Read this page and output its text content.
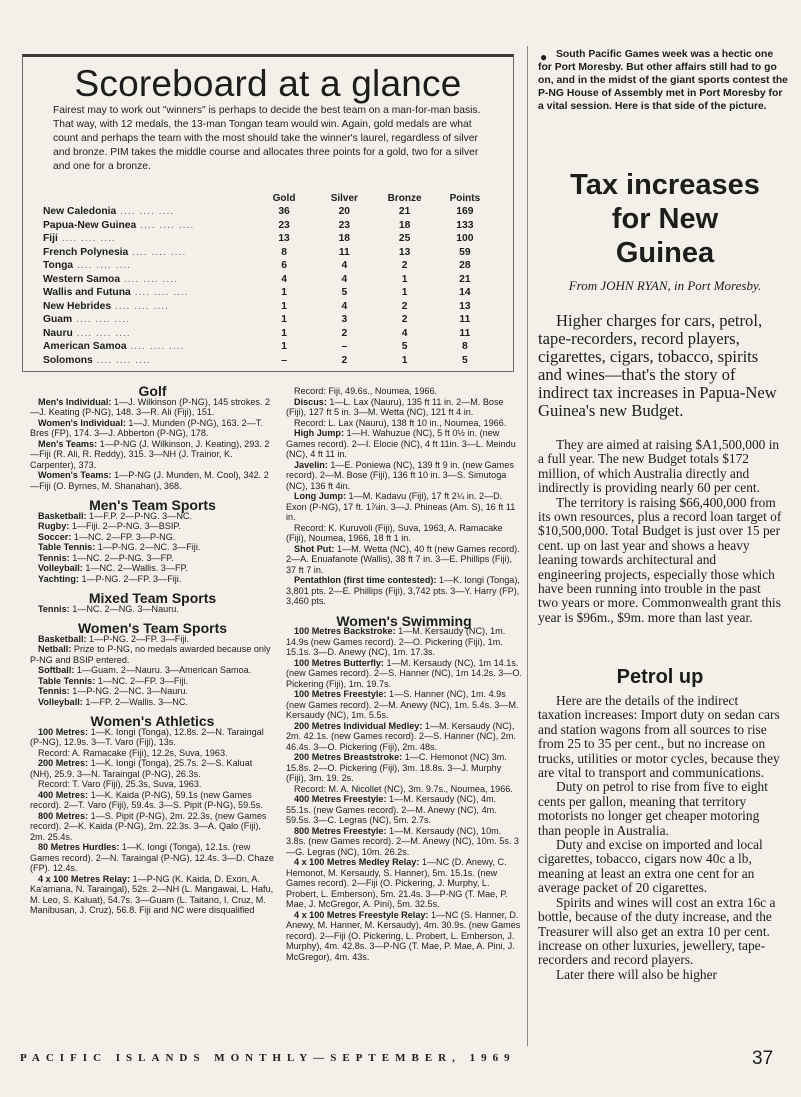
Scoreboard at a glance

Fairest may to work out "winners" is perhaps to decide the best team on a man-for-man basis. That way, with 12 medals, the 13-man Tongan team would win. Again, gold medals are what count and perhaps the team with the most should take the winner's laurel, regardless of silver and bronze. PIM takes the middle course and allocates three points for a gold, two for a silver and one for a bronze.

	Gold	Silver	Bronze	Points
New Caledonia .... .... ....	36	20	21	169
Papua-New Guinea .... .... ....	23	23	18	133
Fiji .... .... ....	13	18	25	100
French Polynesia .... .... ....	8	11	13	59
Tonga .... .... ....	6	4	2	28
Western Samoa .... .... ....	4	4	1	21
Wallis and Futuna .... .... ....	1	5	1	14
New Hebrides .... .... ....	1	4	2	13
Guam .... .... ....	1	3	2	11
Nauru .... .... ....	1	2	4	11
American Samoa .... .... ....	1	–	5	8
Solomons .... .... ....	–	2	1	5
Golf

Men's Individual: 1—J. Wilkinson (P-NG), 145 strokes. 2—J. Keating (P-NG), 148. 3—R. Ali (Fiji), 151.

Women's Individual: 1—J. Munden (P-NG), 163. 2—T. Bres (FP), 174. 3—J. Abberton (P-NG), 178.

Men's Teams: 1—P-NG (J. Wilkinson, J. Keating), 293. 2—Fiji (R. Ali, R. Reddy), 315. 3—NH (J. Trainor, K. Carpenter), 373.

Women's Teams: 1—P-NG (J. Munden, M. Cool), 342. 2—Fiji (O. Byrnes, M. Shanahan), 368.

Men's Team Sports

Basketball: 1—F.P. 2—P-NG. 3—NC.

Rugby: 1—Fiji. 2—P-NG. 3—BSIP.

Soccer: 1—NC. 2—FP. 3—P-NG.

Table Tennis: 1—P-NG. 2—NC. 3—Fiji.

Tennis: 1—NC. 2—P-NG. 3—FP.

Volleyball: 1—NC. 2—Wallis. 3—FP.

Yachting: 1—P-NG. 2—FP. 3—Fiji.

Mixed Team Sports

Tennis: 1—NC. 2—NG. 3—Nauru.

Women's Team Sports

Basketball: 1—P-NG. 2—FP. 3—Fiji.

Netball: Prize to P-NG, no medals awarded because only P-NG and BSIP entered.

Softball: 1—Guam. 2—Nauru. 3—American Samoa.

Table Tennis: 1—NC. 2—FP. 3—Fiji.

Tennis: 1—P-NG. 2—NC. 3—Nauru.

Volleyball: 1—FP. 2—Wallis. 3—NC.

Women's Athletics

100 Metres: 1—K. Iongi (Tonga), 12.8s. 2—N. Taraingal (P-NG), 12.9s. 3—T. Varo (Fiji), 13s.

Record: A. Ramacake (Fiji), 12.2s, Suva, 1963.

200 Metres: 1—K. Iongi (Tonga), 25.7s. 2—S. Kaluat (NH), 25.9. 3—N. Taraingal (P-NG), 26.3s.

Record: T. Varo (Fiji), 25.3s, Suva, 1963.

400 Metres: 1—K. Kaida (P-NG), 59.1s (new Games record). 2—T. Varo (Fiji), 59.4s. 3—S. Pipit (P-NG), 59.5s.

800 Metres: 1—S. Pipit (P-NG), 2m. 22.3s, (new Games record). 2—K. Kaida (P-NG), 2m. 22.3s. 3—A. Qalo (Fiji), 2m. 25.4s.

80 Metres Hurdles: 1—K. Iongi (Tonga), 12.1s. (rew Games record). 2—N. Taraingal (P-NG), 12.4s. 3—D. Chaze (FP). 12.4s.

4 x 100 Metres Relay: 1—P-NG (K. Kaida, D. Exon, A. Ka'amana, N. Taraingal), 52s. 2—NH (L. Mangawai, L. Hafu, M. Leo, S. Kaluat), 54.7s. 3—Guam (L. Taitano, I. Cruz, M. Manibusan, J. Cruz), 56.8. Fiji and NC were disqualified

Record: Fiji, 49.6s., Noumea, 1966.

Discus: 1—L. Lax (Nauru), 135 ft 11 in. 2—M. Bose (Fiji), 127 ft 5 in. 3—M. Wetta (NC), 121 ft 4 in.

Record: L. Lax (Nauru), 138 ft 10 in., Noumea, 1966.

High Jump: 1—H. Wahuzue (NC), 5 ft 0½ in. (new Games record). 2—I. Elocie (NC), 4 ft 11in. 3—L. Meindu (NC), 4 ft 11 in.

Javelin: 1—E. Poniewa (NC), 139 ft 9 in. (new Games record). 2—M. Bose (Fiji), 136 ft 10 in. 3—S. Simutoga (NC), 136 ft 4in.

Long Jump: 1—M. Kadavu (Fiji), 17 ft 2¼ in. 2—D. Exon (P-NG), 17 ft. 1⅞in. 3—J. Phineas (Am. S), 16 ft 11 in.

Record: K. Kuruvoli (Fiji), Suva, 1963, A. Ramacake (Fiji), Noumea, 1966, 18 ft 1 in.

Shot Put: 1—M. Wetta (NC), 40 ft (new Games record). 2—A. Enuafanote (Wallis), 38 ft 7 in. 3—E. Phillips (Fiji), 37 ft 7 in.

Pentathlon (first time contested): 1—K. Iongi (Tonga), 3,801 pts. 2—E. Phillips (Fiji), 3,742 pts. 3—Y. Harry (FP), 3,460 pts.

Women's Swimming

100 Metres Backstroke: 1—M. Kersaudy (NC), 1m. 14.9s (new Games record). 2—O. Pickering (Fiji), 1m. 15.1s. 3—D. Anewy (NC), 1m. 17.3s.

100 Metres Butterfly: 1—M. Kersaudy (NC), 1m 14.1s. (new Games record). 2—S. Hanner (NC), 1m 14.2s. 3—O. Pickering (Fiji), 1m. 19.7s.

100 Metres Freestyle: 1—S. Hanner (NC), 1m. 4.9s (new Games record). 2—M. Anewy (NC), 1m. 5.4s. 3—M. Kersaudy (NC), 1m. 5.5s.

200 Metres Individual Medley: 1—M. Kersaudy (NC), 2m. 42.1s. (new Games record). 2—S. Hanner (NC), 2m. 46.4s. 3—O. Pickering (Fiji), 2m. 48s.

200 Metres Breaststroke: 1—C. Hemonot (NC) 3m. 15.8s. 2—O. Pickering (Fiji), 3m. 18.8s. 3—J. Murphy (Fiji), 3m. 19. 2s.

Record: M. A. Nicollet (NC), 3m. 9.7s., Noumea, 1966.

400 Metres Freestyle: 1—M. Kersaudy (NC), 4m. 55.1s. (new Games record). 2—M. Anewy (NC), 4m. 59.5s. 3—C. Legras (NC), 5m. 2.7s.

800 Metres Freestyle: 1—M. Kersaudy (NC), 10m. 3.8s. (new Games record). 2—M. Anewy (NC), 10m. 5s. 3—G. Legras (NC), 10m. 26.2s.

4 x 100 Metres Medley Relay: 1—NC (D. Anewy, C. Hemonot, M. Kersaudy, S. Hanner), 5m. 15.1s. (new Games record). 2—Fiji (O. Pickering, J. Murphy, L. Probert, L. Emberson), 5m. 21.4s. 3—P-NG (T. Mae, P. Mae, J. McGregor, A. Pini), 5m. 32.5s.

4 x 100 Metres Freestyle Relay: 1—NC (S. Hanner, D. Anewy, M. Hanner, M. Kersaudy), 4m. 30.9s. (new Games record). 2—Fiji (O. Pickering, L. Probert, L. Emberson, J. Murphy), 4m. 42.8s. 3—P-NG (T. Mae, P. Mae, A. Pini, J. McGregor), 4m. 43s.

● South Pacific Games week was a hectic one for Port Moresby. But other affairs still had to go on, and in the midst of the giant sports contest the P-NG House of Assembly met in Port Moresby for a vital session. Here is that side of the picture.

Tax increases for New Guinea

From JOHN RYAN, in Port Moresby.

Higher charges for cars, petrol, tape-recorders, record players, cigarettes, cigars, tobacco, spirits and wines—that's the story of indirect tax increases in Papua-New Guinea's new Budget.

They are aimed at raising $A1,500,000 in a full year. The new Budget totals $172 million, of which Australia directly and indirectly is providing nearly 60 per cent.

The territory is raising $66,400,000 from its own resources, plus a record loan target of $10,500,000. Total Budget is just over 15 per cent. up on last year and shows a heavy leaning towards architectural and engineering projects, especially those which have been running into trouble in the past two years or more. Commonwealth grant this year is $96m., $9m. more than last year.

Petrol up

Here are the details of the indirect taxation increases: Import duty on sedan cars and station wagons from all sources to rise from 25 to 35 per cent., but no increase on trucks, utilities or motor cycles, because they are vital to transport and communications.

Duty on petrol to rise from five to eight cents per gallon, meaning that territory motorists no longer get cheaper motoring than people in Australia.

Duty and excise on imported and local cigarettes, tobacco, cigars now 40c a lb, meaning at least an extra one cent for an average packet of 20 cigarettes.

Spirits and wines will cost an extra 16c a bottle, because of the duty increase, and the Treasurer will also get an extra 10 per cent. increase on other luxuries, jewellery, tape-recorders and record players.

Later there will also be higher

PACIFIC ISLANDS MONTHLY—SEPTEMBER, 1969	37
